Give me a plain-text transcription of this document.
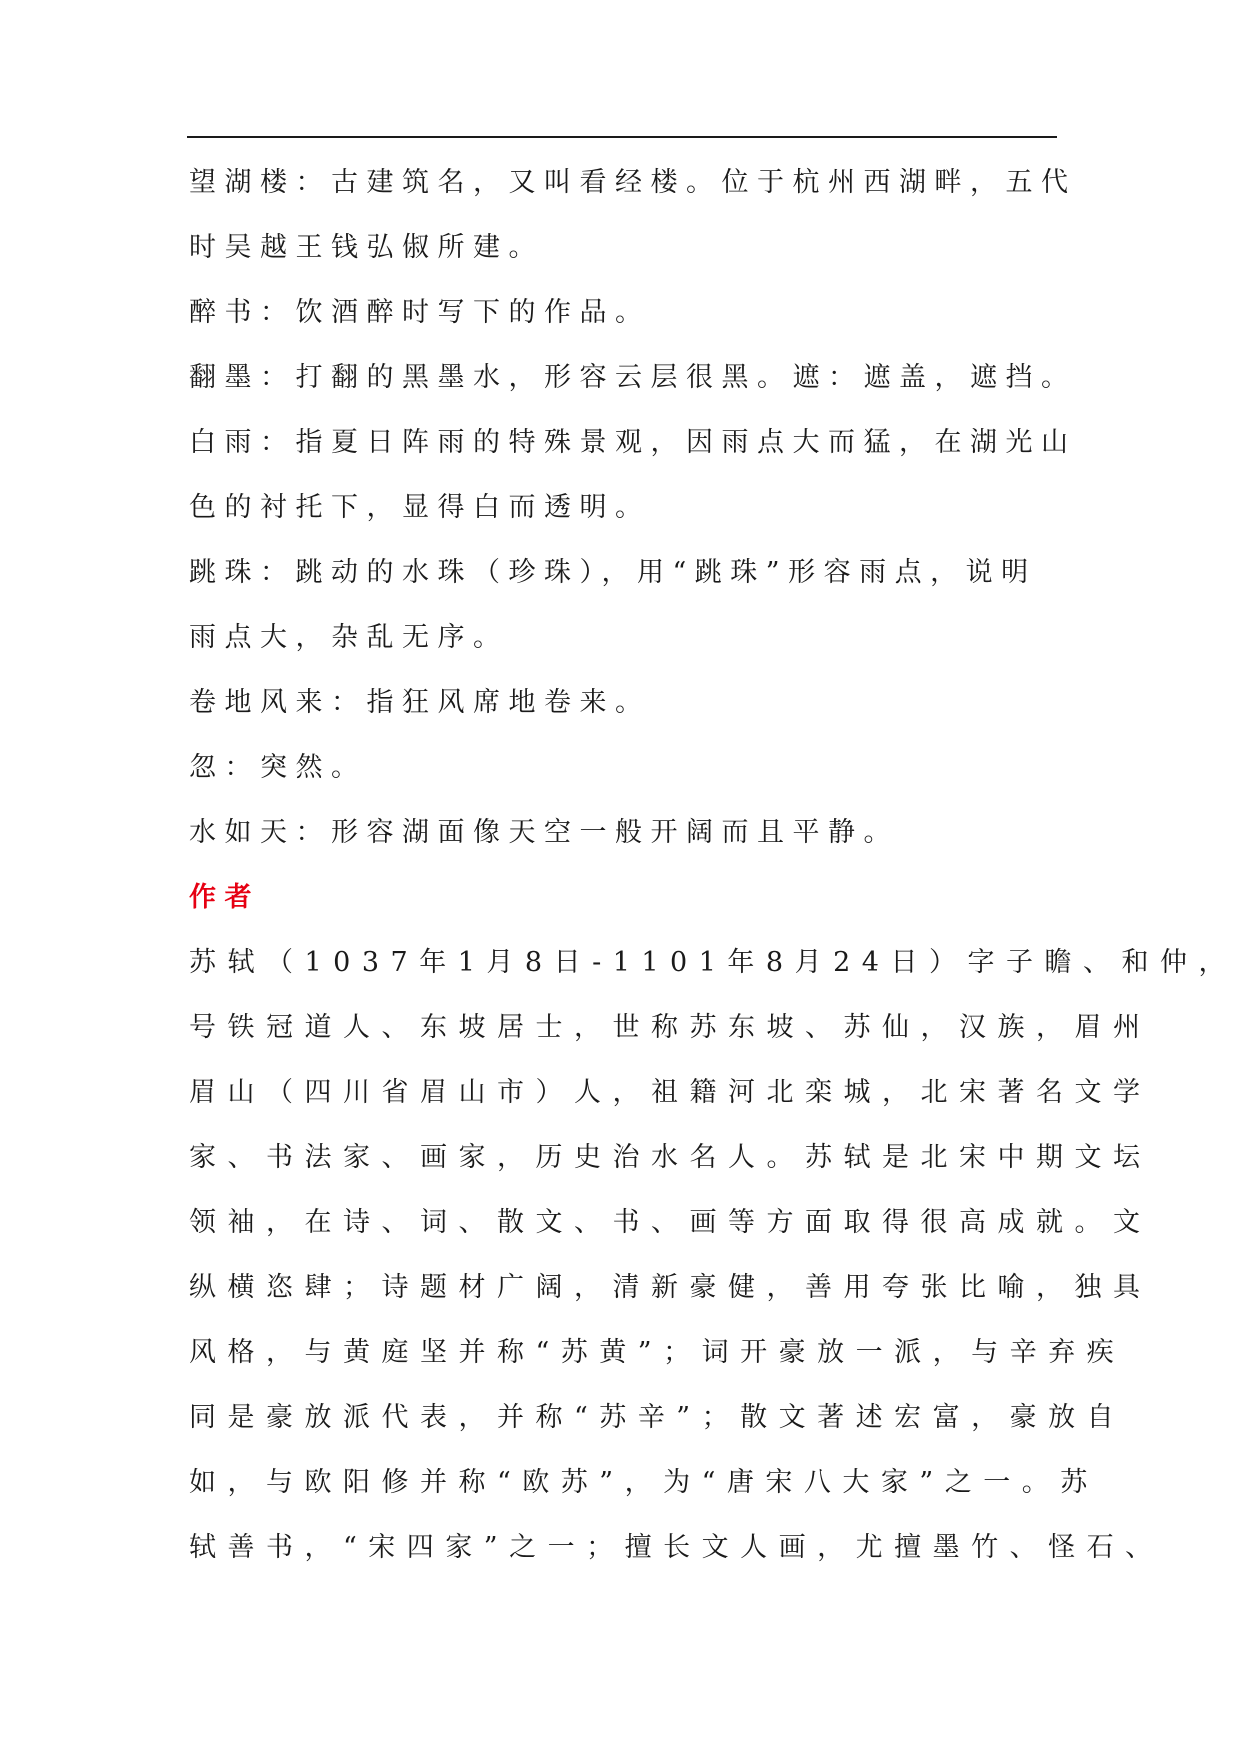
望湖楼：古建筑名，又叫看经楼。位于杭州西湖畔，五代
时吴越王钱弘俶所建。
醉书：饮酒醉时写下的作品。
翻墨：打翻的黑墨水，形容云层很黑。遮：遮盖，遮挡。
白雨：指夏日阵雨的特殊景观，因雨点大而猛，在湖光山
色的衬托下，显得白而透明。
跳珠：跳动的水珠（珍珠），用“跳珠”形容雨点，说明
雨点大，杂乱无序。
卷地风来：指狂风席地卷来。
忽：突然。
水如天：形容湖面像天空一般开阔而且平静。
作者
苏轼（1037年1月8日-1101年8月24日）字子瞻、和仲，
号铁冠道人、东坡居士，世称苏东坡、苏仙，汉族，眉州
眉山（四川省眉山市）人，祖籍河北栾城，北宋著名文学
家、书法家、画家，历史治水名人。苏轼是北宋中期文坛
领袖，在诗、词、散文、书、画等方面取得很高成就。文
纵横恣肆；诗题材广阔，清新豪健，善用夸张比喻，独具
风格，与黄庭坚并称“苏黄”；词开豪放一派，与辛弃疾
同是豪放派代表，并称“苏辛”；散文著述宏富，豪放自
如，与欧阳修并称“欧苏”，为“唐宋八大家”之一。苏
轼善书，“宋四家”之一；擅长文人画，尤擅墨竹、怪石、
